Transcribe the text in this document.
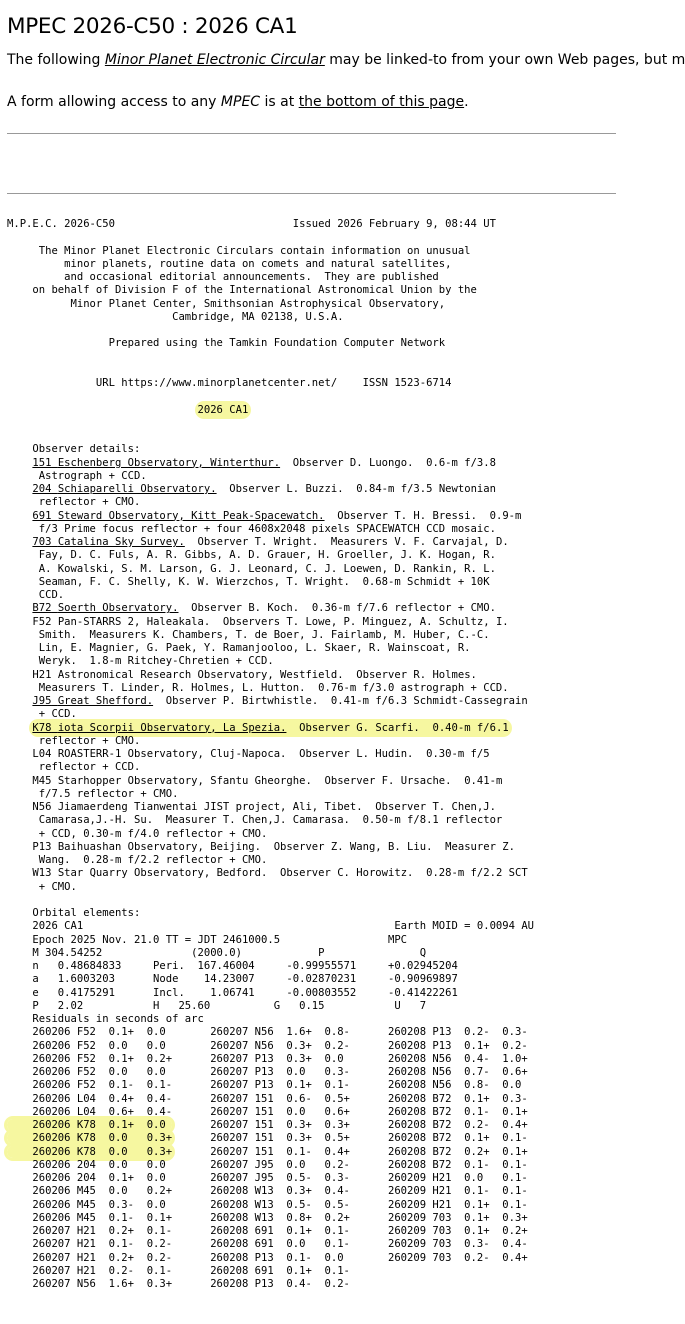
MPEC 2026-C50 : 2026 CA1

The following Minor Planet Electronic Circular may be linked-to from your own Web pages, but m

A form allowing access to any MPEC is at the bottom of this page.

M.P.E.C. 2026-C50                            Issued 2026 February 9, 08:44 UT

The Minor Planet Electronic Circulars contain information on unusual
minor planets, routine data on comets and natural satellites,
and occasional editorial announcements.  They are published
on behalf of Division F of the International Astronomical Union by the
Minor Planet Center, Smithsonian Astrophysical Observatory,
Cambridge, MA 02138, U.S.A.

Prepared using the Tamkin Foundation Computer Network

URL https://www.minorplanetcenter.net/    ISSN 1523-6714

2026 CA1

Observer details:
151 Eschenberg Observatory, Winterthur.  Observer D. Luongo.  0.6-m f/3.8
Astrograph + CCD.
204 Schiaparelli Observatory.  Observer L. Buzzi.  0.84-m f/3.5 Newtonian
reflector + CMO.
691 Steward Observatory, Kitt Peak-Spacewatch.  Observer T. H. Bressi.  0.9-m
f/3 Prime focus reflector + four 4608x2048 pixels SPACEWATCH CCD mosaic.
703 Catalina Sky Survey.  Observer T. Wright.  Measurers V. F. Carvajal, D.
Fay, D. C. Fuls, A. R. Gibbs, A. D. Grauer, H. Groeller, J. K. Hogan, R.
A. Kowalski, S. M. Larson, G. J. Leonard, C. J. Loewen, D. Rankin, R. L.
Seaman, F. C. Shelly, K. W. Wierzchos, T. Wright.  0.68-m Schmidt + 10K
CCD.
B72 Soerth Observatory.  Observer B. Koch.  0.36-m f/7.6 reflector + CMO.
F52 Pan-STARRS 2, Haleakala.  Observers T. Lowe, P. Minguez, A. Schultz, I.
Smith.  Measurers K. Chambers, T. de Boer, J. Fairlamb, M. Huber, C.-C.
Lin, E. Magnier, G. Paek, Y. Ramanjooloo, L. Skaer, R. Wainscoat, R.
Weryk.  1.8-m Ritchey-Chretien + CCD.
H21 Astronomical Research Observatory, Westfield.  Observer R. Holmes.
Measurers T. Linder, R. Holmes, L. Hutton.  0.76-m f/3.0 astrograph + CCD.
J95 Great Shefford.  Observer P. Birtwhistle.  0.41-m f/6.3 Schmidt-Cassegrain
+ CCD.
K78 iota Scorpii Observatory, La Spezia.  Observer G. Scarfi.  0.40-m f/6.1
reflector + CMO.
L04 ROASTERR-1 Observatory, Cluj-Napoca.  Observer L. Hudin.  0.30-m f/5
reflector + CCD.
M45 Starhopper Observatory, Sfantu Gheorghe.  Observer F. Ursache.  0.41-m
f/7.5 reflector + CMO.
N56 Jiamaerdeng Tianwentai JIST project, Ali, Tibet.  Observer T. Chen,J.
Camarasa,J.-H. Su.  Measurer T. Chen,J. Camarasa.  0.50-m f/8.1 reflector
+ CCD, 0.30-m f/4.0 reflector + CMO.
P13 Baihuashan Observatory, Beijing.  Observer Z. Wang, B. Liu.  Measurer Z.
Wang.  0.28-m f/2.2 reflector + CMO.
W13 Star Quarry Observatory, Bedford.  Observer C. Horowitz.  0.28-m f/2.2 SCT
+ CMO.

Orbital elements:
2026 CA1                                                 Earth MOID = 0.0094 AU
Epoch 2025 Nov. 21.0 TT = JDT 2461000.5                 MPC
M 304.54252              (2000.0)            P               Q
n   0.48684833     Peri.  167.46004     -0.99955571     +0.02945204
a   1.6003203      Node    14.23007     -0.02870231     -0.90969897
e   0.4175291      Incl.    1.06741     -0.00803552     -0.41422261
P   2.02           H   25.60          G   0.15           U   7
Residuals in seconds of arc
260206 F52  0.1+  0.0       260207 N56  1.6+  0.8-      260208 P13  0.2-  0.3-
260206 F52  0.0   0.0       260207 N56  0.3+  0.2-      260208 P13  0.1+  0.2-
260206 F52  0.1+  0.2+      260207 P13  0.3+  0.0       260208 N56  0.4-  1.0+
260206 F52  0.0   0.0       260207 P13  0.0   0.3-      260208 N56  0.7-  0.6+
260206 F52  0.1-  0.1-      260207 P13  0.1+  0.1-      260208 N56  0.8-  0.0
260206 L04  0.4+  0.4-      260207 151  0.6-  0.5+      260208 B72  0.1+  0.3-
260206 L04  0.6+  0.4-      260207 151  0.0   0.6+      260208 B72  0.1-  0.1+
260206 K78  0.1+  0.0       260207 151  0.3+  0.3+      260208 B72  0.2-  0.4+
260206 K78  0.0   0.3+      260207 151  0.3+  0.5+      260208 B72  0.1+  0.1-
260206 K78  0.0   0.3+      260207 151  0.1-  0.4+      260208 B72  0.2+  0.1+
260206 204  0.0   0.0       260207 J95  0.0   0.2-      260208 B72  0.1-  0.1-
260206 204  0.1+  0.0       260207 J95  0.5-  0.3-      260209 H21  0.0   0.1-
260206 M45  0.0   0.2+      260208 W13  0.3+  0.4-      260209 H21  0.1-  0.1-
260206 M45  0.3-  0.0       260208 W13  0.5-  0.5-      260209 H21  0.1+  0.1-
260206 M45  0.1-  0.1+      260208 W13  0.8+  0.2+      260209 703  0.1+  0.3+
260207 H21  0.2+  0.1-      260208 691  0.1+  0.1-      260209 703  0.1+  0.2+
260207 H21  0.1-  0.2-      260208 691  0.0   0.1-      260209 703  0.3-  0.4-
260207 H21  0.2+  0.2-      260208 P13  0.1-  0.0       260209 703  0.2-  0.4+
260207 H21  0.2-  0.1-      260208 691  0.1+  0.1-
260207 N56  1.6+  0.3+      260208 P13  0.4-  0.2-
